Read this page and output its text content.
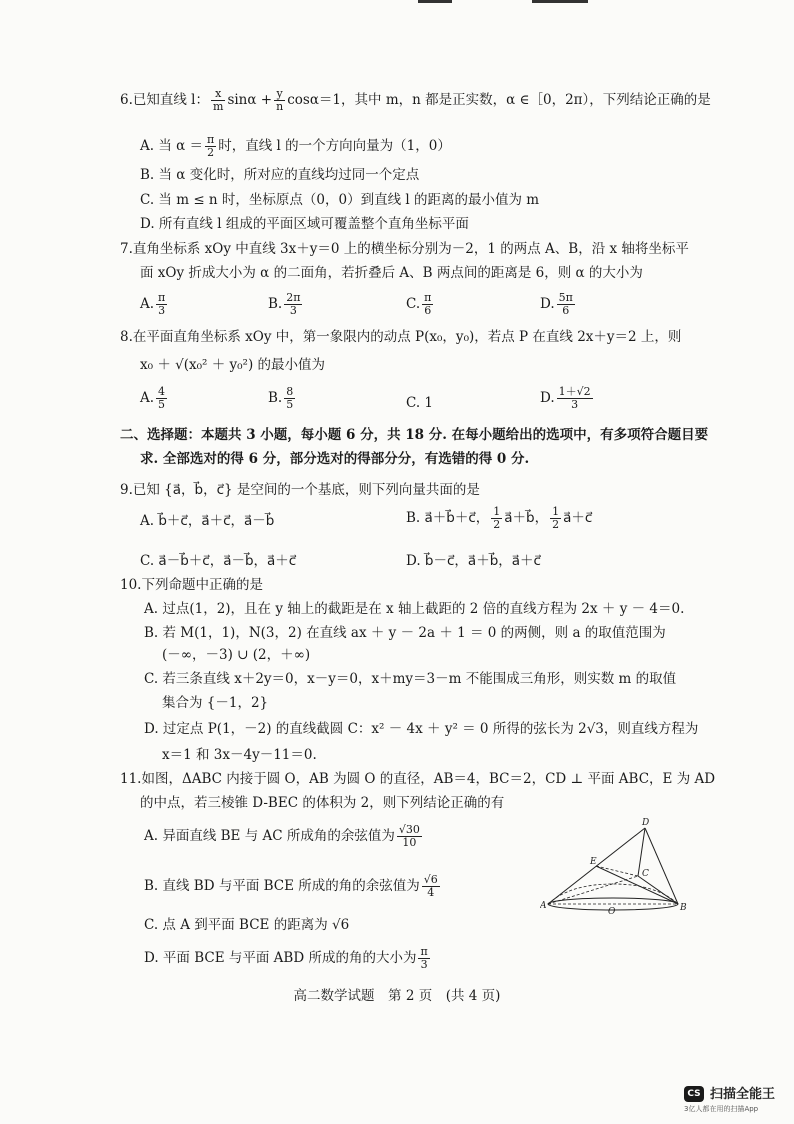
6.已知直线 l： $\frac{x}{m}$ $\sin\alpha + \frac{y}{n} \cos\alpha=1$，其中 m，n 都是正实数，α ∈［0，2π），下列结论正确的是
A. 当 $\alpha = \frac{\pi}{2}$ 时，直线 l 的一个方向向量为（1，0）
B. 当 α 变化时，所对应的直线均过同一个定点
C. 当 m ≤ n 时，坐标原点（0，0）到直线 l 的距离的最小值为 m
D. 所有直线 l 组成的平面区域可覆盖整个直角坐标平面
7.直角坐标系 xOy 中直线 3x＋y＝0 上的横坐标分别为－2，1 的两点 A、B，沿 x 轴将坐标平
面 xOy 折成大小为 α 的二面角，若折叠后 A、B 两点间的距离是 6，则 α 的大小为
A. $\frac{\pi}{3}$	B. $\frac{2\pi}{3}$	C. $\frac{\pi}{6}$	D. $\frac{5\pi}{6}$
8.在平面直角坐标系 xOy 中，第一象限内的动点 P(x₀，y₀)，若点 P 在直线 2x＋y＝2 上，则
x₀ ＋ √(x₀² ＋ y₀²) 的最小值为
A. $\frac{4}{5}$	B. $\frac{8}{5}$	C. 1	D. $\frac{1+√2}{3}$
二、选择题：本题共 3 小题，每小题 6 分，共 18 分. 在每小题给出的选项中，有多项符合题目要
求. 全部选对的得 6 分，部分选对的得部分分，有选错的得 0 分.
9.已知 {a⃗，b⃗，c⃗} 是空间的一个基底，则下列向量共面的是
A. b⃗＋c⃗，a⃗＋c⃗，a⃗－b⃗	B. a⃗＋b⃗＋c⃗， $\frac{1}{2}$ a⃗＋b⃗， $\frac{1}{2}$ a⃗＋c⃗
C. a⃗－b⃗＋c⃗，a⃗－b⃗，a⃗＋c⃗	D. b⃗－c⃗，a⃗＋b⃗，a⃗＋c⃗
10.下列命题中正确的是
A. 过点(1，2)，且在 y 轴上的截距是在 x 轴上截距的 2 倍的直线方程为 2x ＋ y － 4＝0.
B. 若 M(1，1)，N(3，2) 在直线 ax ＋ y － 2a ＋ 1 ＝ 0 的两侧，则 a 的取值范围为
(－∞，－3) ∪ (2，＋∞)
C. 若三条直线 x＋2y＝0，x－y＝0，x＋my＝3－m 不能围成三角形，则实数 m 的取值
集合为 {－1，2}
D. 过定点 P(1，－2) 的直线截圆 C：x² － 4x ＋ y² ＝ 0 所得的弦长为 2√3，则直线方程为
x＝1 和 3x－4y－11＝0.
11.如图，ΔABC 内接于圆 O，AB 为圆 O 的直径，AB＝4，BC＝2，CD ⊥ 平面 ABC，E 为 AD
的中点，若三棱锥 D-BEC 的体积为 2，则下列结论正确的有
A. 异面直线 BE 与 AC 所成角的余弦值为 $\frac{√30}{10}$
B. 直线 BD 与平面 BCE 所成的角的余弦值为 $\frac{√6}{4}$
C. 点 A 到平面 BCE 的距离为 √6
D. 平面 BCE 与平面 ABD 所成的角的大小为 $\frac{\pi}{3}$
D
E
C
A
O	B
高二数学试题　第 2 页　(共 4 页)
CS 扫描全能王
3亿人都在用的扫描App
